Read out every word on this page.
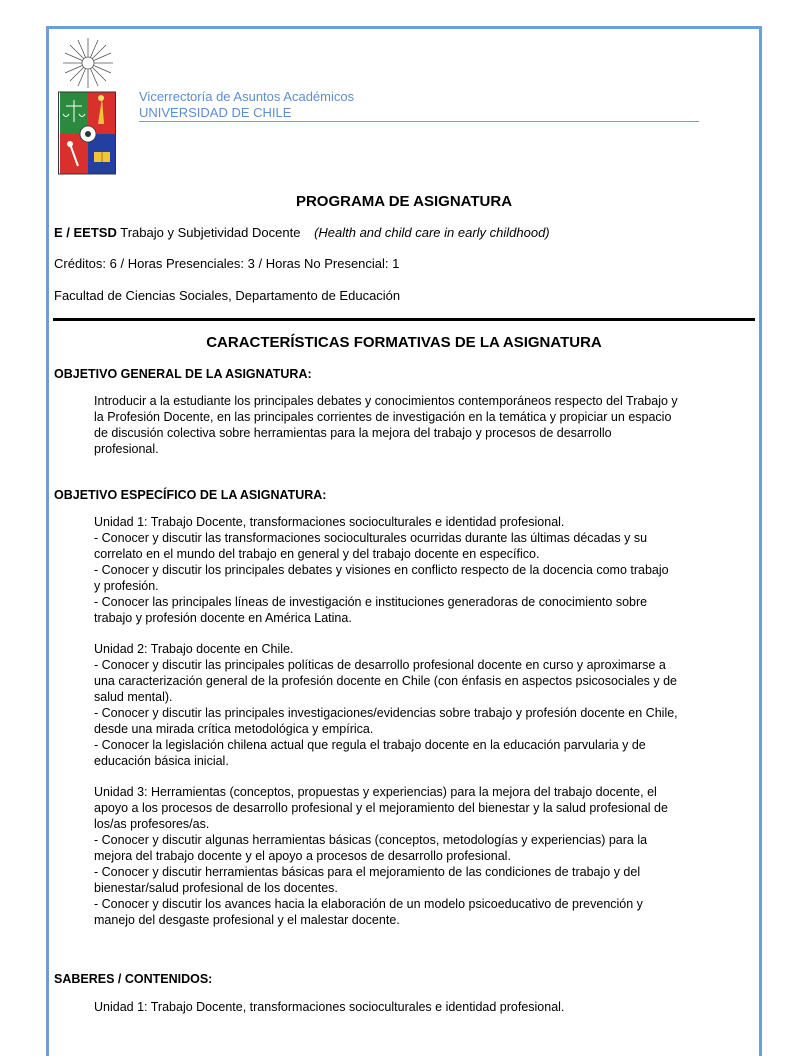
Vicerrectoría de Asuntos Académicos
UNIVERSIDAD DE CHILE
PROGRAMA DE ASIGNATURA
E / EETSD Trabajo y Subjetividad Docente (Health and child care in early childhood)
Créditos: 6 / Horas Presenciales: 3 / Horas No Presencial: 1
Facultad de Ciencias Sociales, Departamento de Educación
CARACTERÍSTICAS FORMATIVAS DE LA ASIGNATURA
OBJETIVO GENERAL DE LA ASIGNATURA:
Introducir a la estudiante los principales debates y conocimientos contemporáneos respecto del Trabajo y
la Profesión Docente, en las principales corrientes de investigación en la temática y propiciar un espacio
de discusión colectiva sobre herramientas para la mejora del trabajo y procesos de desarrollo
profesional.
OBJETIVO ESPECÍFICO DE LA ASIGNATURA:
Unidad 1: Trabajo Docente, transformaciones socioculturales e identidad profesional.
- Conocer y discutir las transformaciones socioculturales ocurridas durante las últimas décadas y su
correlato en el mundo del trabajo en general y del trabajo docente en específico.
- Conocer y discutir los principales debates y visiones en conflicto respecto de la docencia como trabajo
y profesión.
- Conocer las principales líneas de investigación e instituciones generadoras de conocimiento sobre
trabajo y profesión docente en América Latina.
Unidad 2: Trabajo docente en Chile.
- Conocer y discutir las principales políticas de desarrollo profesional docente en curso y aproximarse a
una caracterización general de la profesión docente en Chile (con énfasis en aspectos psicosociales y de
salud mental).
- Conocer y discutir las principales investigaciones/evidencias sobre trabajo y profesión docente en Chile,
desde una mirada crítica metodológica y empírica.
- Conocer la legislación chilena actual que regula el trabajo docente en la educación parvularia y de
educación básica inicial.
Unidad 3: Herramientas (conceptos, propuestas y experiencias) para la mejora del trabajo docente, el
apoyo a los procesos de desarrollo profesional y el mejoramiento del bienestar y la salud profesional de
los/as profesores/as.
- Conocer y discutir algunas herramientas básicas (conceptos, metodologías y experiencias) para la
mejora del trabajo docente y el apoyo a procesos de desarrollo profesional.
- Conocer y discutir herramientas básicas para el mejoramiento de las condiciones de trabajo y del
bienestar/salud profesional de los docentes.
- Conocer y discutir los avances hacia la elaboración de un modelo psicoeducativo de prevención y
manejo del desgaste profesional y el malestar docente.
SABERES / CONTENIDOS:
Unidad 1: Trabajo Docente, transformaciones socioculturales e identidad profesional.
